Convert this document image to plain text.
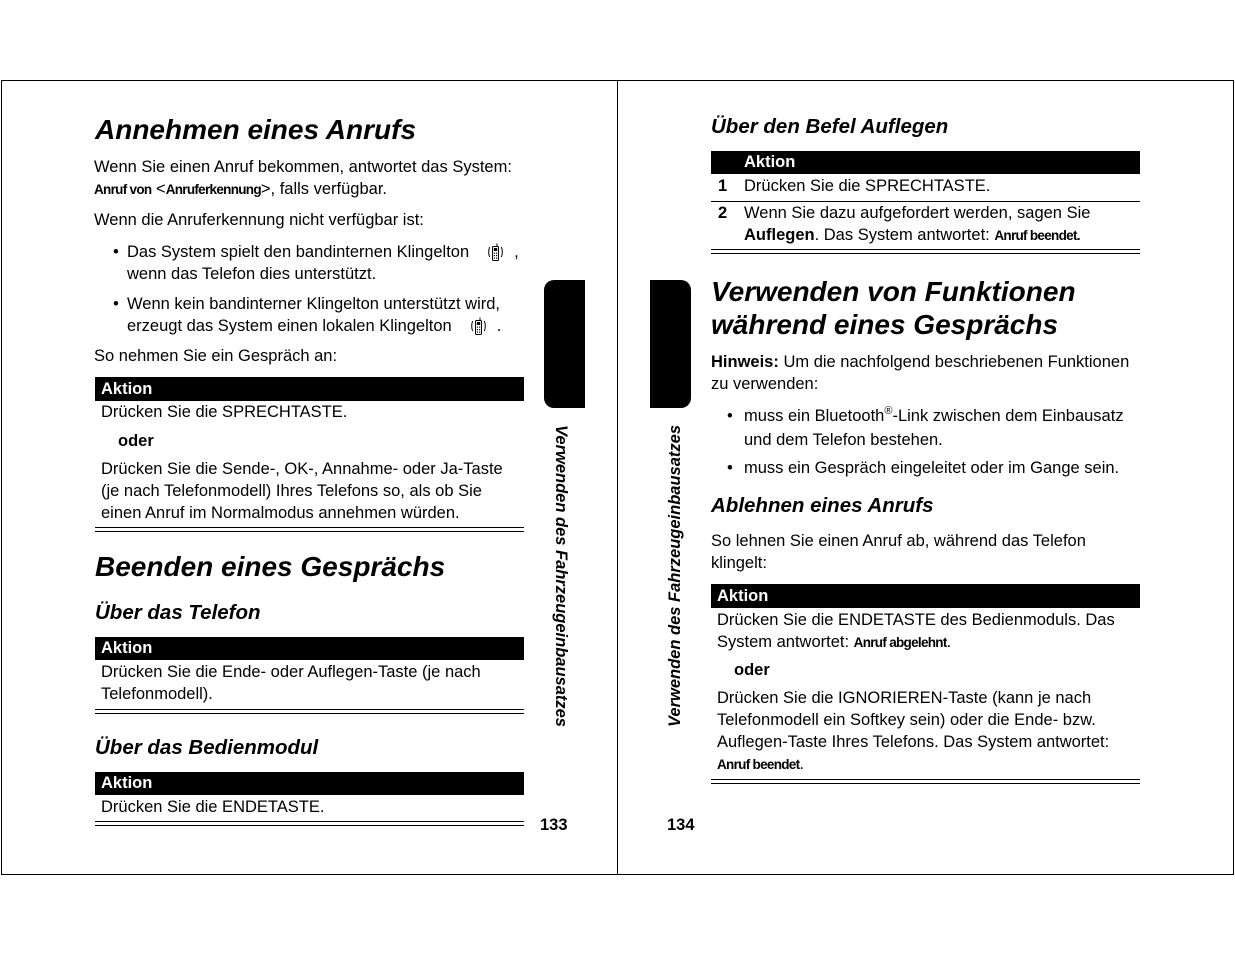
Annehmen eines Anrufs
Wenn Sie einen Anruf bekommen, antwortet das System:
Anruf von <Anruferkennung>, falls verfügbar.
Wenn die Anruferkennung nicht verfügbar ist:
• Das System spielt den bandinternen Klingelton	,
wenn das Telefon dies unterstützt.
• Wenn kein bandinterner Klingelton unterstützt wird,
erzeugt das System einen lokalen Klingelton	.
So nehmen Sie ein Gespräch an:
Aktion
Drücken Sie die SPRECHTASTE.
oder
Drücken Sie die Sende-, OK-, Annahme- oder Ja-Taste
(je nach Telefonmodell) Ihres Telefons so, als ob Sie
einen Anruf im Normalmodus annehmen würden.
Beenden eines Gesprächs
Über das Telefon
Aktion
Drücken Sie die Ende- oder Auflegen-Taste (je nach
Telefonmodell).
Über das Bedienmodul
Aktion
Drücken Sie die ENDETASTE.
133
Verwenden des Fahrzeugeinbausatzes
Über den Befel Auflegen
Aktion
1 Drücken Sie die SPRECHTASTE.
2 Wenn Sie dazu aufgefordert werden, sagen Sie
Auflegen. Das System antwortet: Anruf beendet.
Verwenden von Funktionen
während eines Gesprächs
Hinweis: Um die nachfolgend beschriebenen Funktionen
zu verwenden:
• muss ein Bluetooth®-Link zwischen dem Einbausatz
und dem Telefon bestehen.
• muss ein Gespräch eingeleitet oder im Gange sein.
Ablehnen eines Anrufs
So lehnen Sie einen Anruf ab, während das Telefon
klingelt:
Aktion
Drücken Sie die ENDETASTE des Bedienmoduls. Das
System antwortet: Anruf abgelehnt.
oder
Drücken Sie die IGNORIEREN-Taste (kann je nach
Telefonmodell ein Softkey sein) oder die Ende- bzw.
Auflegen-Taste Ihres Telefons. Das System antwortet:
Anruf beendet.
134
Verwenden des Fahrzeugeinbausatzes
